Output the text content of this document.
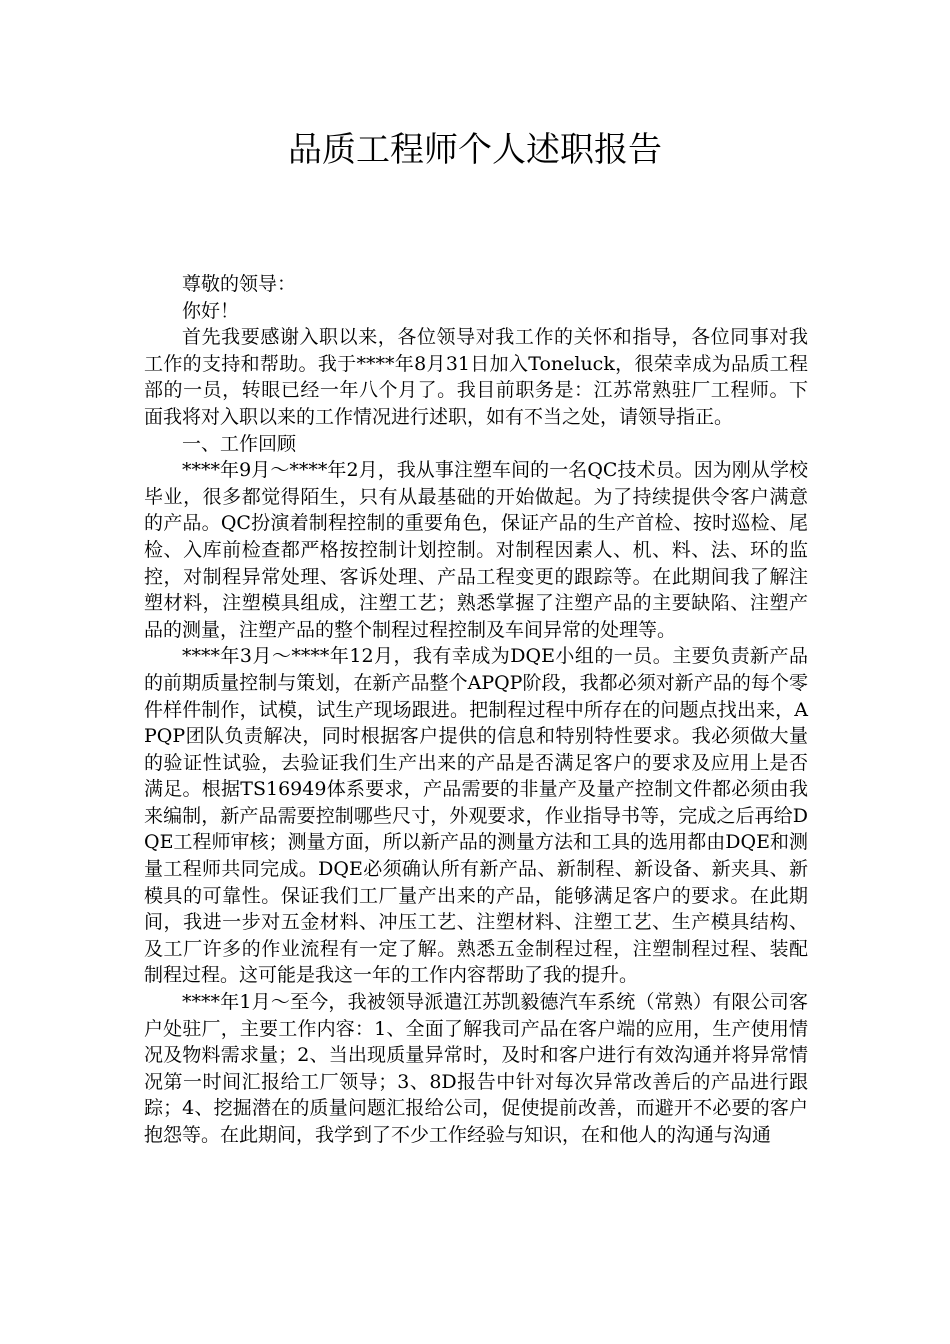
品质工程师个人述职报告

尊敬的领导：

你好！

首先我要感谢入职以来，各位领导对我工作的关怀和指导，各位同事对我工作的支持和帮助。我于****年8月31日加入Toneluck，很荣幸成为品质工程部的一员，转眼已经一年八个月了。我目前职务是：江苏常熟驻厂工程师。下面我将对入职以来的工作情况进行述职，如有不当之处，请领导指正。

一、工作回顾

****年9月～****年2月，我从事注塑车间的一名QC技术员。因为刚从学校毕业，很多都觉得陌生，只有从最基础的开始做起。为了持续提供令客户满意的产品。QC扮演着制程控制的重要角色，保证产品的生产首检、按时巡检、尾检、入库前检查都严格按控制计划控制。对制程因素人、机、料、法、环的监控，对制程异常处理、客诉处理、产品工程变更的跟踪等。在此期间我了解注塑材料，注塑模具组成，注塑工艺；熟悉掌握了注塑产品的主要缺陷、注塑产品的测量，注塑产品的整个制程过程控制及车间异常的处理等。

****年3月～****年12月，我有幸成为DQE小组的一员。主要负责新产品的前期质量控制与策划，在新产品整个APQP阶段，我都必须对新产品的每个零件样件制作，试模，试生产现场跟进。把制程过程中所存在的问题点找出来，APQP团队负责解决，同时根据客户提供的信息和特别特性要求。我必须做大量的验证性试验，去验证我们生产出来的产品是否满足客户的要求及应用上是否满足。根据TS16949体系要求，产品需要的非量产及量产控制文件都必须由我来编制，新产品需要控制哪些尺寸，外观要求，作业指导书等，完成之后再给DQE工程师审核；测量方面，所以新产品的测量方法和工具的选用都由DQE和测量工程师共同完成。DQE必须确认所有新产品、新制程、新设备、新夹具、新模具的可靠性。保证我们工厂量产出来的产品，能够满足客户的要求。在此期间，我进一步对五金材料、冲压工艺、注塑材料、注塑工艺、生产模具结构、及工厂许多的作业流程有一定了解。熟悉五金制程过程，注塑制程过程、装配制程过程。这可能是我这一年的工作内容帮助了我的提升。

****年1月～至今，我被领导派遣江苏凯毅德汽车系统（常熟）有限公司客户处驻厂，主要工作内容：1、全面了解我司产品在客户端的应用，生产使用情况及物料需求量；2、当出现质量异常时，及时和客户进行有效沟通并将异常情况第一时间汇报给工厂领导；3、8D报告中针对每次异常改善后的产品进行跟踪；4、挖掘潜在的质量问题汇报给公司，促使提前改善，而避开不必要的客户抱怨等。在此期间，我学到了不少工作经验与知识，在和他人的沟通与沟通
